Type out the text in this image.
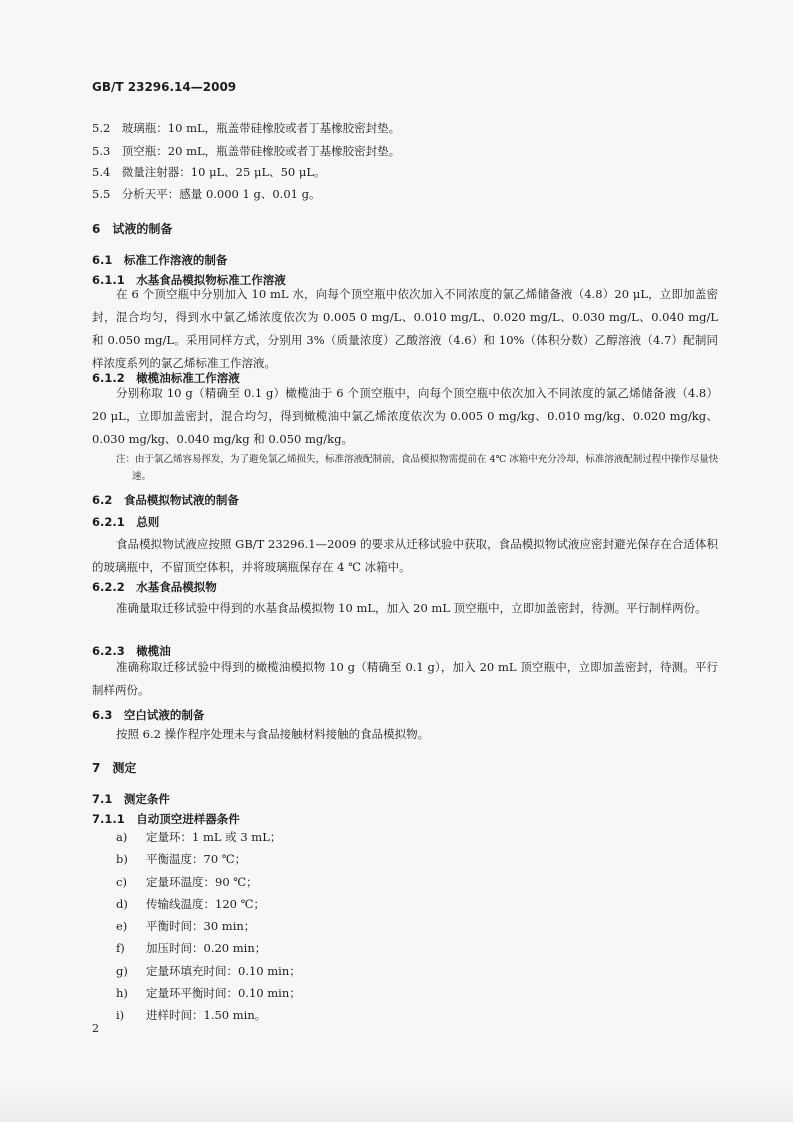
GB/T 23296.14—2009
5.2　玻璃瓶：10 mL，瓶盖带硅橡胶或者丁基橡胶密封垫。
5.3　顶空瓶：20 mL，瓶盖带硅橡胶或者丁基橡胶密封垫。
5.4　微量注射器：10 μL、25 μL、50 μL。
5.5　分析天平：感量 0.000 1 g、0.01 g。
6　试液的制备
6.1　标准工作溶液的制备
6.1.1　水基食品模拟物标准工作溶液

在 6 个顶空瓶中分别加入 10 mL 水，向每个顶空瓶中依次加入不同浓度的氯乙烯储备液（4.8）20 μL，立即加盖密封，混合均匀，得到水中氯乙烯浓度依次为 0.005 0 mg/L、0.010 mg/L、0.020 mg/L、0.030 mg/L、0.040 mg/L 和 0.050 mg/L。采用同样方式，分别用 3%（质量浓度）乙酸溶液（4.6）和 10%（体积分数）乙醇溶液（4.7）配制同样浓度系列的氯乙烯标准工作溶液。

6.1.2　橄榄油标准工作溶液

分别称取 10 g（精确至 0.1 g）橄榄油于 6 个顶空瓶中，向每个顶空瓶中依次加入不同浓度的氯乙烯储备液（4.8）20 μL，立即加盖密封，混合均匀，得到橄榄油中氯乙烯浓度依次为 0.005 0 mg/kg、0.010 mg/kg、0.020 mg/kg、0.030 mg/kg、0.040 mg/kg 和 0.050 mg/kg。

注：由于氯乙烯容易挥发，为了避免氯乙烯损失，标准溶液配制前，食品模拟物需提前在 4℃ 冰箱中充分冷却，标准溶液配制过程中操作尽量快速。

6.2　食品模拟物试液的制备
6.2.1　总则

食品模拟物试液应按照 GB/T 23296.1—2009 的要求从迁移试验中获取，食品模拟物试液应密封避光保存在合适体积的玻璃瓶中，不留顶空体积，并将玻璃瓶保存在 4 ℃ 冰箱中。

6.2.2　水基食品模拟物

准确量取迁移试验中得到的水基食品模拟物 10 mL，加入 20 mL 顶空瓶中，立即加盖密封，待测。平行制样两份。

6.2.3　橄榄油

准确称取迁移试验中得到的橄榄油模拟物 10 g（精确至 0.1 g），加入 20 mL 顶空瓶中，立即加盖密封，待测。平行制样两份。

6.3　空白试液的制备

按照 6.2 操作程序处理未与食品接触材料接触的食品模拟物。

7　测定
7.1　测定条件
7.1.1　自动顶空进样器条件
a) 定量环：1 mL 或 3 mL；
b) 平衡温度：70 ℃；
c) 定量环温度：90 ℃；
d) 传输线温度：120 ℃；
e) 平衡时间：30 min；
f) 加压时间：0.20 min；
g) 定量环填充时间：0.10 min；
h) 定量环平衡时间：0.10 min；
i) 进样时间：1.50 min。
2
